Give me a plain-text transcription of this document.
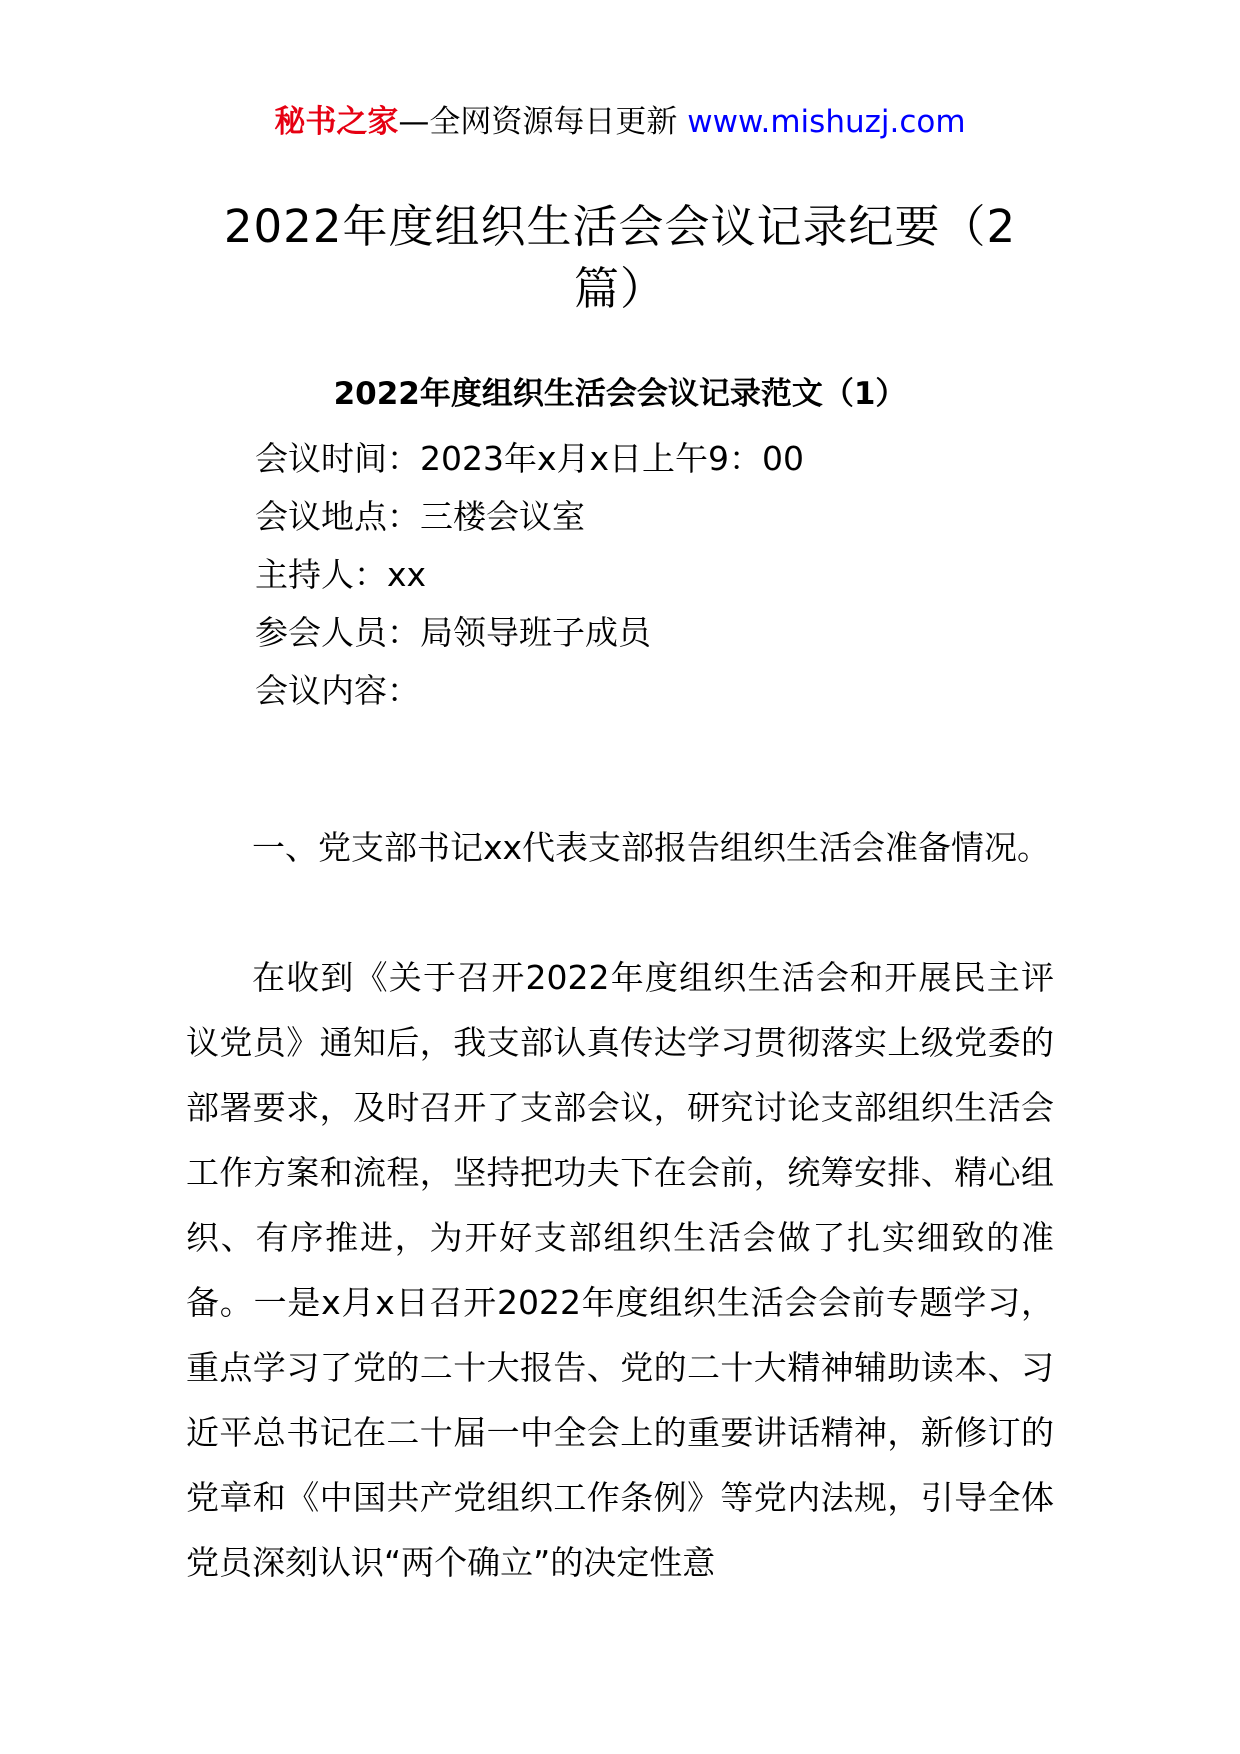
秘书之家—全网资源每日更新 www.mishuzj.com
2022年度组织生活会会议记录纪要（2篇）
2022年度组织生活会会议记录范文（1）
会议时间：2023年x月x日上午9：00
会议地点：三楼会议室
主持人：xx
参会人员：局领导班子成员
会议内容：

一、党支部书记xx代表支部报告组织生活会准备情况。

在收到《关于召开2022年度组织生活会和开展民主评议党员》通知后，我支部认真传达学习贯彻落实上级党委的部署要求，及时召开了支部会议，研究讨论支部组织生活会工作方案和流程，坚持把功夫下在会前，统筹安排、精心组织、有序推进，为开好支部组织生活会做了扎实细致的准备。一是x月x日召开2022年度组织生活会会前专题学习，重点学习了党的二十大报告、党的二十大精神辅助读本、习近平总书记在二十届一中全会上的重要讲话精神，新修订的党章和《中国共产党组织工作条例》等党内法规，引导全体党员深刻认识“两个确立”的决定性意
